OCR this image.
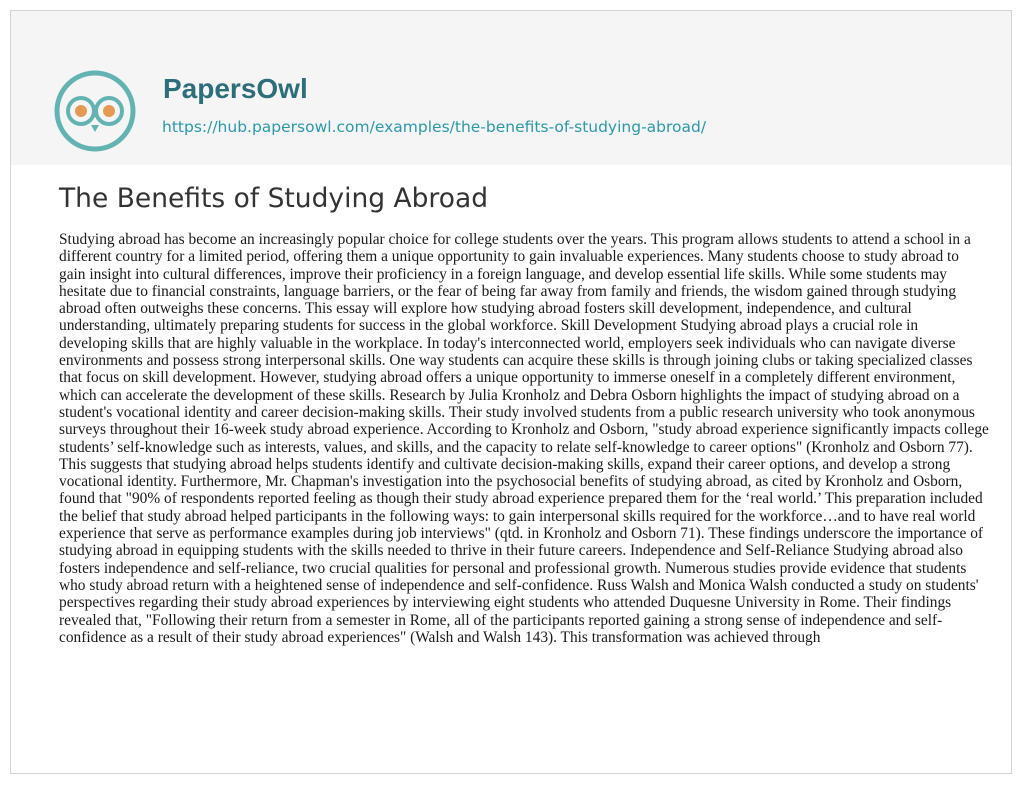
PapersOwl
https://hub.papersowl.com/examples/the-benefits-of-studying-abroad/
The Benefits of Studying Abroad

Studying abroad has become an increasingly popular choice for college students over the years. This program allows students to attend a school in a different country for a limited period, offering them a unique opportunity to gain invaluable experiences. Many students choose to study abroad to gain insight into cultural differences, improve their proficiency in a foreign language, and develop essential life skills. While some students may hesitate due to financial constraints, language barriers, or the fear of being far away from family and friends, the wisdom gained through studying abroad often outweighs these concerns. This essay will explore how studying abroad fosters skill development, independence, and cultural understanding, ultimately preparing students for success in the global workforce. Skill Development Studying abroad plays a crucial role in developing skills that are highly valuable in the workplace. In today's interconnected world, employers seek individuals who can navigate diverse environments and possess strong interpersonal skills. One way students can acquire these skills is through joining clubs or taking specialized classes that focus on skill development. However, studying abroad offers a unique opportunity to immerse oneself in a completely different environment, which can accelerate the development of these skills. Research by Julia Kronholz and Debra Osborn highlights the impact of studying abroad on a student's vocational identity and career decision-making skills. Their study involved students from a public research university who took anonymous surveys throughout their 16-week study abroad experience. According to Kronholz and Osborn, "study abroad experience significantly impacts college students’ self-knowledge such as interests, values, and skills, and the capacity to relate self-knowledge to career options" (Kronholz and Osborn 77). This suggests that studying abroad helps students identify and cultivate decision-making skills, expand their career options, and develop a strong vocational identity. Furthermore, Mr. Chapman's investigation into the psychosocial benefits of studying abroad, as cited by Kronholz and Osborn, found that "90% of respondents reported feeling as though their study abroad experience prepared them for the ‘real world.’ This preparation included the belief that study abroad helped participants in the following ways: to gain interpersonal skills required for the workforce…and to have real world experience that serve as performance examples during job interviews" (qtd. in Kronholz and Osborn 71). These findings underscore the importance of studying abroad in equipping students with the skills needed to thrive in their future careers. Independence and Self-Reliance Studying abroad also fosters independence and self-reliance, two crucial qualities for personal and professional growth. Numerous studies provide evidence that students who study abroad return with a heightened sense of independence and self-confidence. Russ Walsh and Monica Walsh conducted a study on students' perspectives regarding their study abroad experiences by interviewing eight students who attended Duquesne University in Rome. Their findings revealed that, "Following their return from a semester in Rome, all of the participants reported gaining a strong sense of independence and self-confidence as a result of their study abroad experiences" (Walsh and Walsh 143). This transformation was achieved through
